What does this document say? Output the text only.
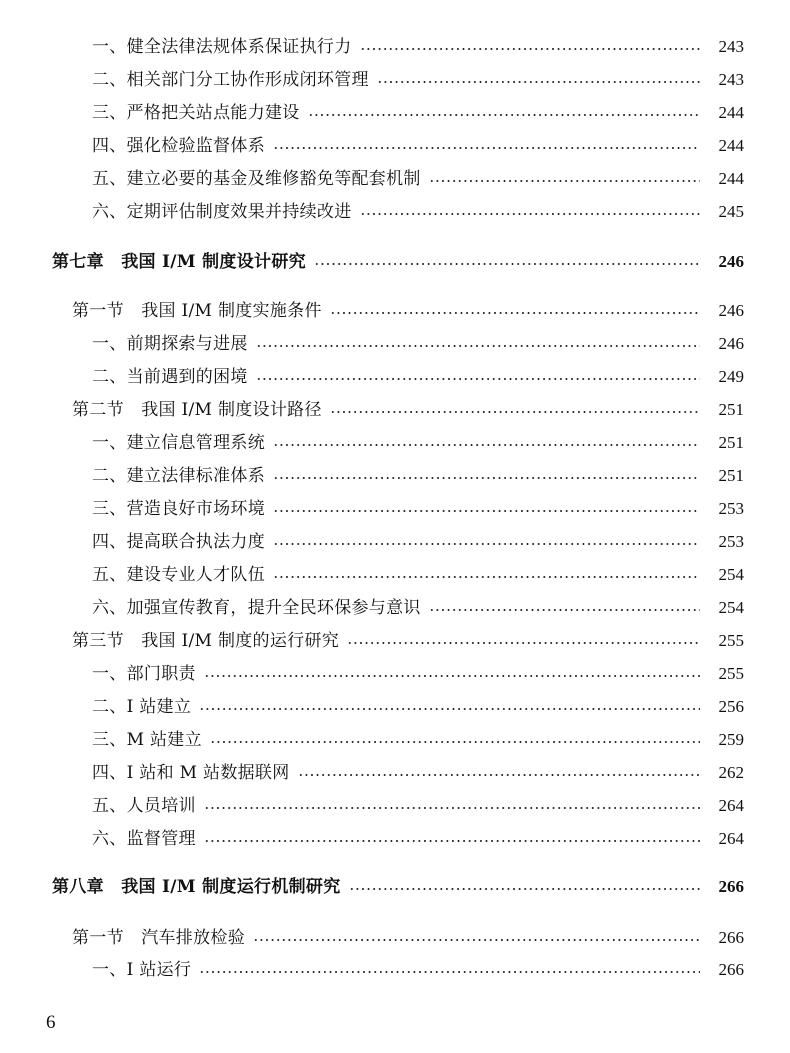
一、健全法律法规体系保证执行力	243
二、相关部门分工协作形成闭环管理	243
三、严格把关站点能力建设	244
四、强化检验监督体系	244
五、建立必要的基金及维修豁免等配套机制	244
六、定期评估制度效果并持续改进	245
第七章　我国 I/M 制度设计研究	246
第一节　我国 I/M 制度实施条件	246
一、前期探索与进展	246
二、当前遇到的困境	249
第二节　我国 I/M 制度设计路径	251
一、建立信息管理系统	251
二、建立法律标准体系	251
三、营造良好市场环境	253
四、提高联合执法力度	253
五、建设专业人才队伍	254
六、加强宣传教育，提升全民环保参与意识	254
第三节　我国 I/M 制度的运行研究	255
一、部门职责	255
二、I 站建立	256
三、M 站建立	259
四、I 站和 M 站数据联网	262
五、人员培训	264
六、监督管理	264
第八章　我国 I/M 制度运行机制研究	266
第一节　汽车排放检验	266
一、I 站运行	266
6
